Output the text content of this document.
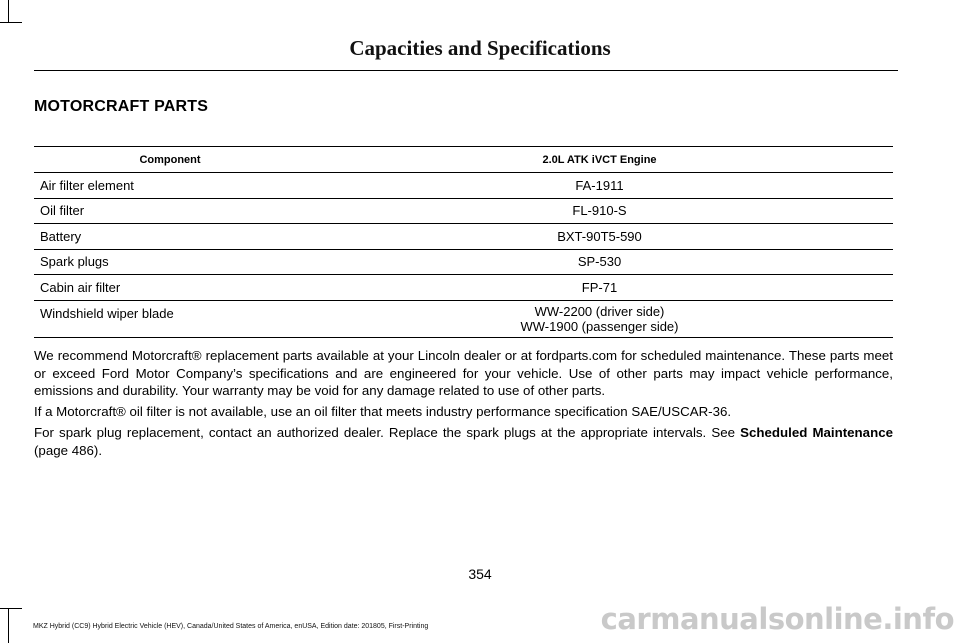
Capacities and Specifications
MOTORCRAFT PARTS
Component	2.0L ATK iVCT Engine
Air filter element	FA-1911
Oil filter	FL-910-S
Battery	BXT-90T5-590
Spark plugs	SP-530
Cabin air filter	FP-71
Windshield wiper blade	WW-2200 (driver side)
WW-1900 (passenger side)

We recommend Motorcraft® replacement parts available at your Lincoln dealer or at fordparts.com for scheduled maintenance. These parts meet or exceed Ford Motor Company’s specifications and are engineered for your vehicle. Use of other parts may impact vehicle performance, emissions and durability. Your warranty may be void for any damage related to use of other parts.

If a Motorcraft® oil filter is not available, use an oil filter that meets industry performance specification SAE/USCAR-36.

For spark plug replacement, contact an authorized dealer. Replace the spark plugs at the appropriate intervals. See Scheduled Maintenance (page 486).

354
MKZ Hybrid (CC9) Hybrid Electric Vehicle (HEV), Canada/United States of America, enUSA, Edition date: 201805, First-Printing	carmanualsonline.info
